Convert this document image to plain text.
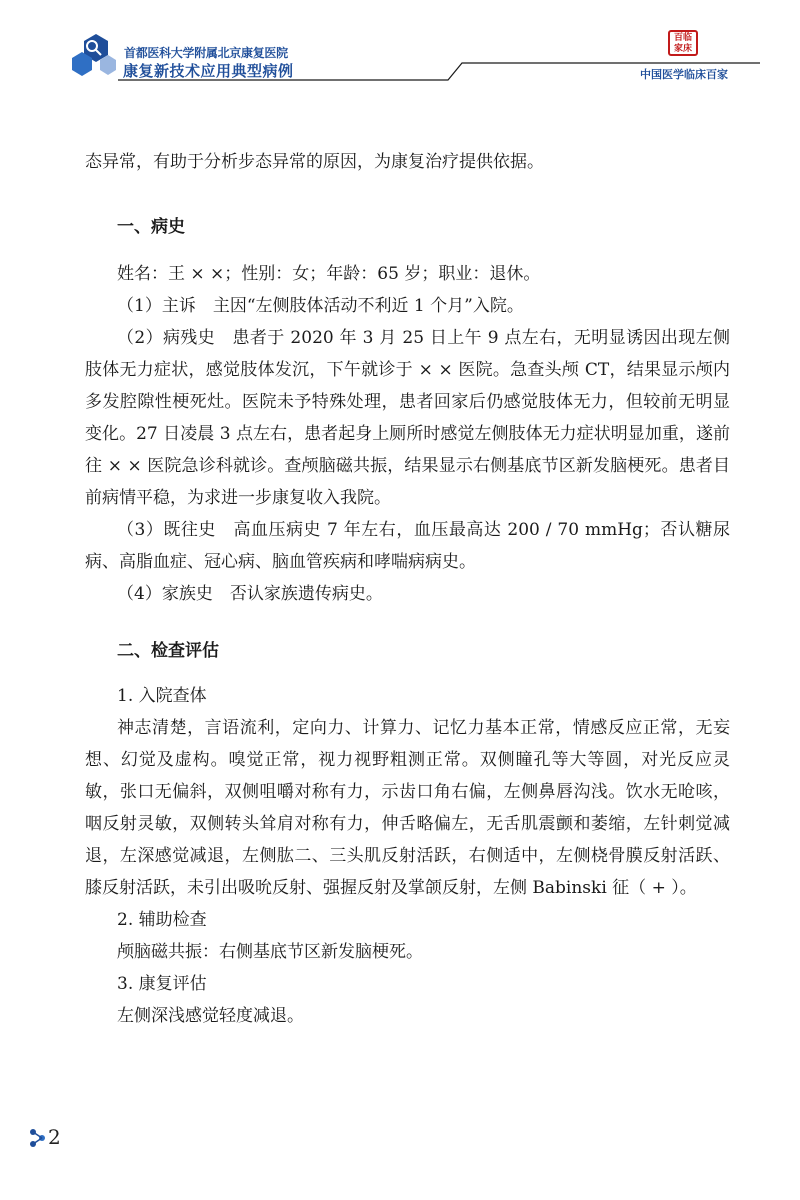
首都医科大学附属北京康复医院
康复新技术应用典型病例
百临
家床
中国医学临床百家

态异常，有助于分析步态异常的原因，为康复治疗提供依据。

一、病史

姓名：王 × ×；性别：女；年龄：65 岁；职业：退休。

（1）主诉　主因“左侧肢体活动不利近 1 个月”入院。

（2）病残史　患者于 2020 年 3 月 25 日上午 9 点左右，无明显诱因出现左侧肢体无力症状，感觉肢体发沉，下午就诊于 × × 医院。急查头颅 CT，结果显示颅内多发腔隙性梗死灶。医院未予特殊处理，患者回家后仍感觉肢体无力，但较前无明显变化。27 日凌晨 3 点左右，患者起身上厕所时感觉左侧肢体无力症状明显加重，遂前往 × × 医院急诊科就诊。查颅脑磁共振，结果显示右侧基底节区新发脑梗死。患者目前病情平稳，为求进一步康复收入我院。

（3）既往史　高血压病史 7 年左右，血压最高达 200 / 70 mmHg；否认糖尿病、高脂血症、冠心病、脑血管疾病和哮喘病病史。

（4）家族史　否认家族遗传病史。

二、检查评估

1. 入院查体

神志清楚，言语流利，定向力、计算力、记忆力基本正常，情感反应正常，无妄想、幻觉及虚构。嗅觉正常，视力视野粗测正常。双侧瞳孔等大等圆，对光反应灵敏，张口无偏斜，双侧咀嚼对称有力，示齿口角右偏，左侧鼻唇沟浅。饮水无呛咳，咽反射灵敏，双侧转头耸肩对称有力，伸舌略偏左，无舌肌震颤和萎缩，左针刺觉减退，左深感觉减退，左侧肱二、三头肌反射活跃，右侧适中，左侧桡骨膜反射活跃、膝反射活跃，未引出吸吮反射、强握反射及掌颌反射，左侧 Babinski 征（ + ）。

2. 辅助检查

颅脑磁共振：右侧基底节区新发脑梗死。

3. 康复评估

左侧深浅感觉轻度减退。

2
